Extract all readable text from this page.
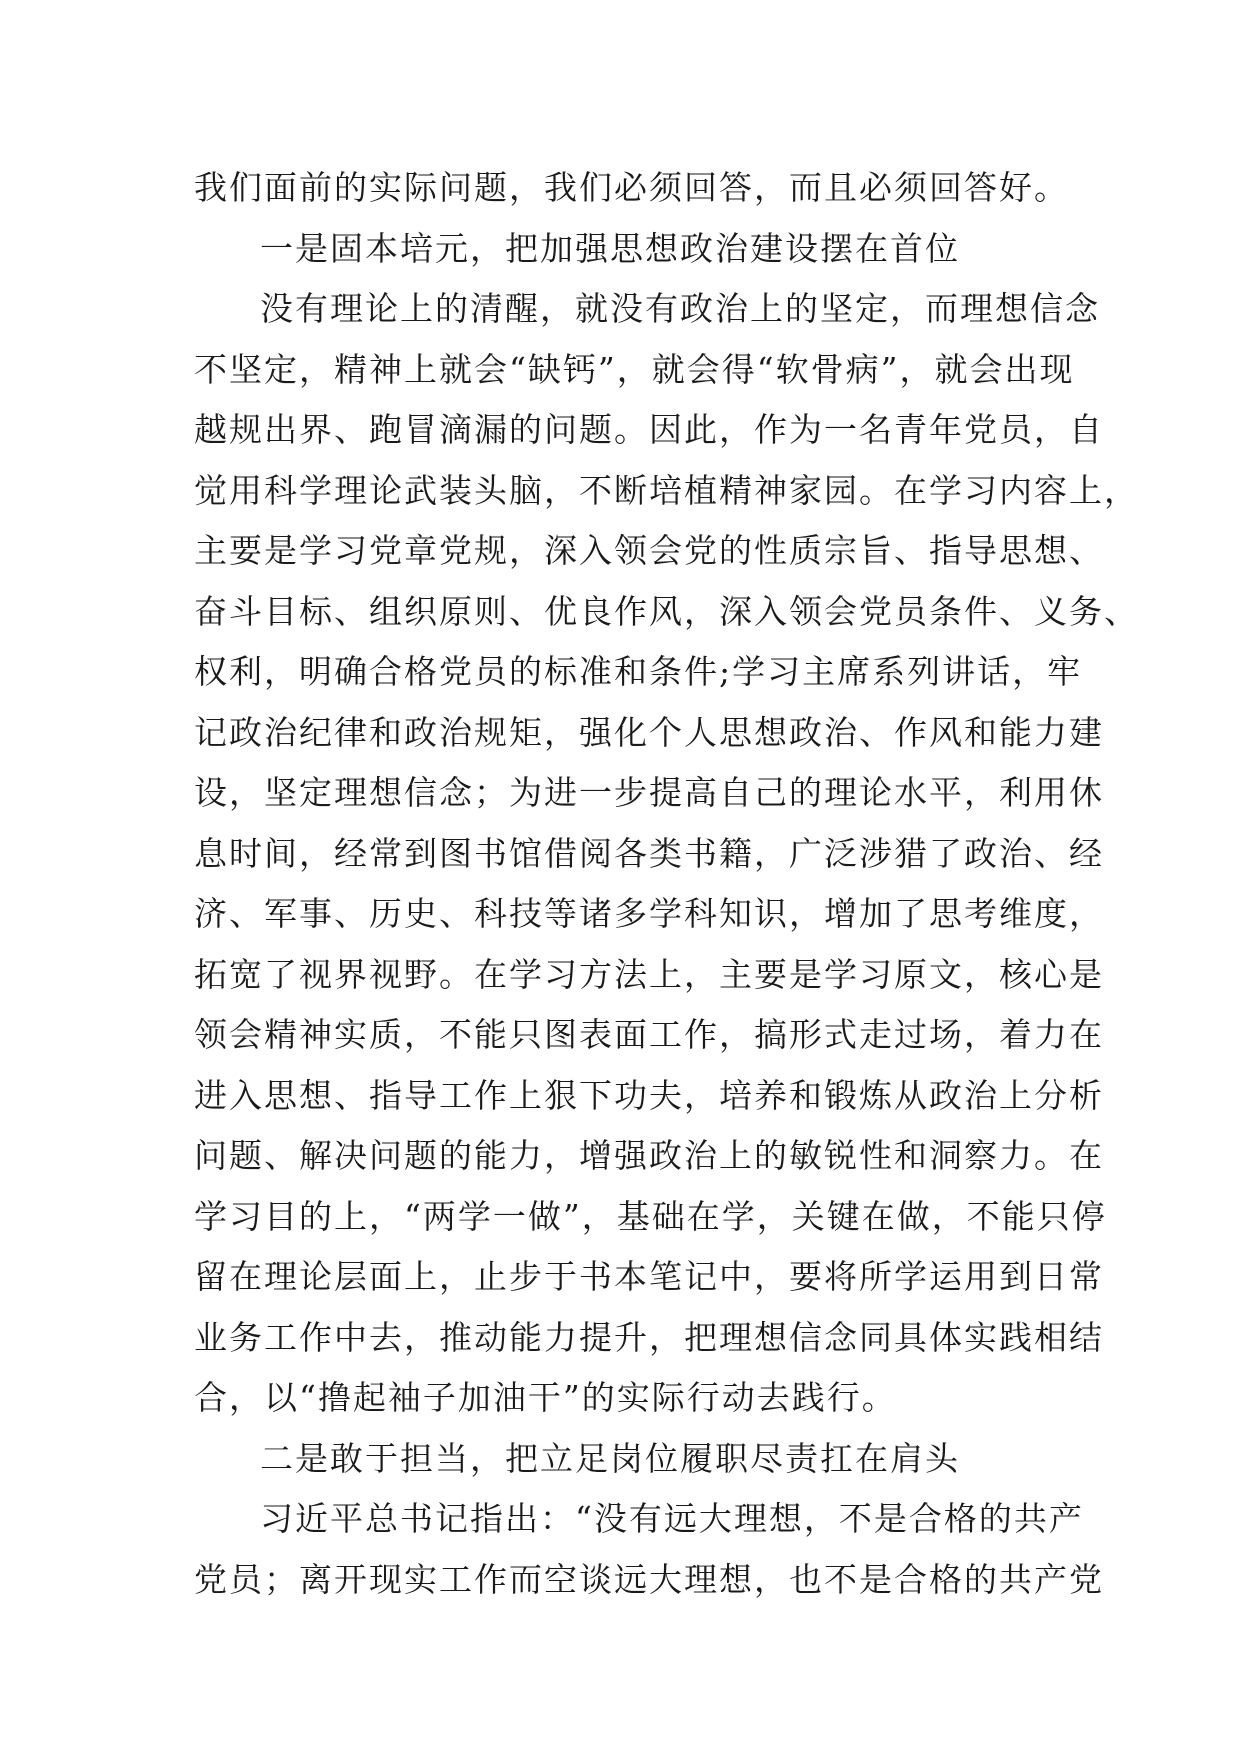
我们面前的实际问题，我们必须回答，而且必须回答好。
一是固本培元，把加强思想政治建设摆在首位
没有理论上的清醒，就没有政治上的坚定，而理想信念
不坚定，精神上就会“缺钙”，就会得“软骨病”，就会出现
越规出界、跑冒滴漏的问题。因此，作为一名青年党员，自
觉用科学理论武装头脑，不断培植精神家园。在学习内容上，
主要是学习党章党规，深入领会党的性质宗旨、指导思想、
奋斗目标、组织原则、优良作风，深入领会党员条件、义务、
权利，明确合格党员的标准和条件;学习主席系列讲话，牢
记政治纪律和政治规矩，强化个人思想政治、作风和能力建
设，坚定理想信念；为进一步提高自己的理论水平，利用休
息时间，经常到图书馆借阅各类书籍，广泛涉猎了政治、经
济、军事、历史、科技等诸多学科知识，增加了思考维度，
拓宽了视界视野。在学习方法上，主要是学习原文，核心是
领会精神实质，不能只图表面工作，搞形式走过场，着力在
进入思想、指导工作上狠下功夫，培养和锻炼从政治上分析
问题、解决问题的能力，增强政治上的敏锐性和洞察力。在
学习目的上，“两学一做”，基础在学，关键在做，不能只停
留在理论层面上，止步于书本笔记中，要将所学运用到日常
业务工作中去，推动能力提升，把理想信念同具体实践相结
合，以“撸起袖子加油干”的实际行动去践行。
二是敢于担当，把立足岗位履职尽责扛在肩头
习近平总书记指出：“没有远大理想，不是合格的共产
党员；离开现实工作而空谈远大理想，也不是合格的共产党
